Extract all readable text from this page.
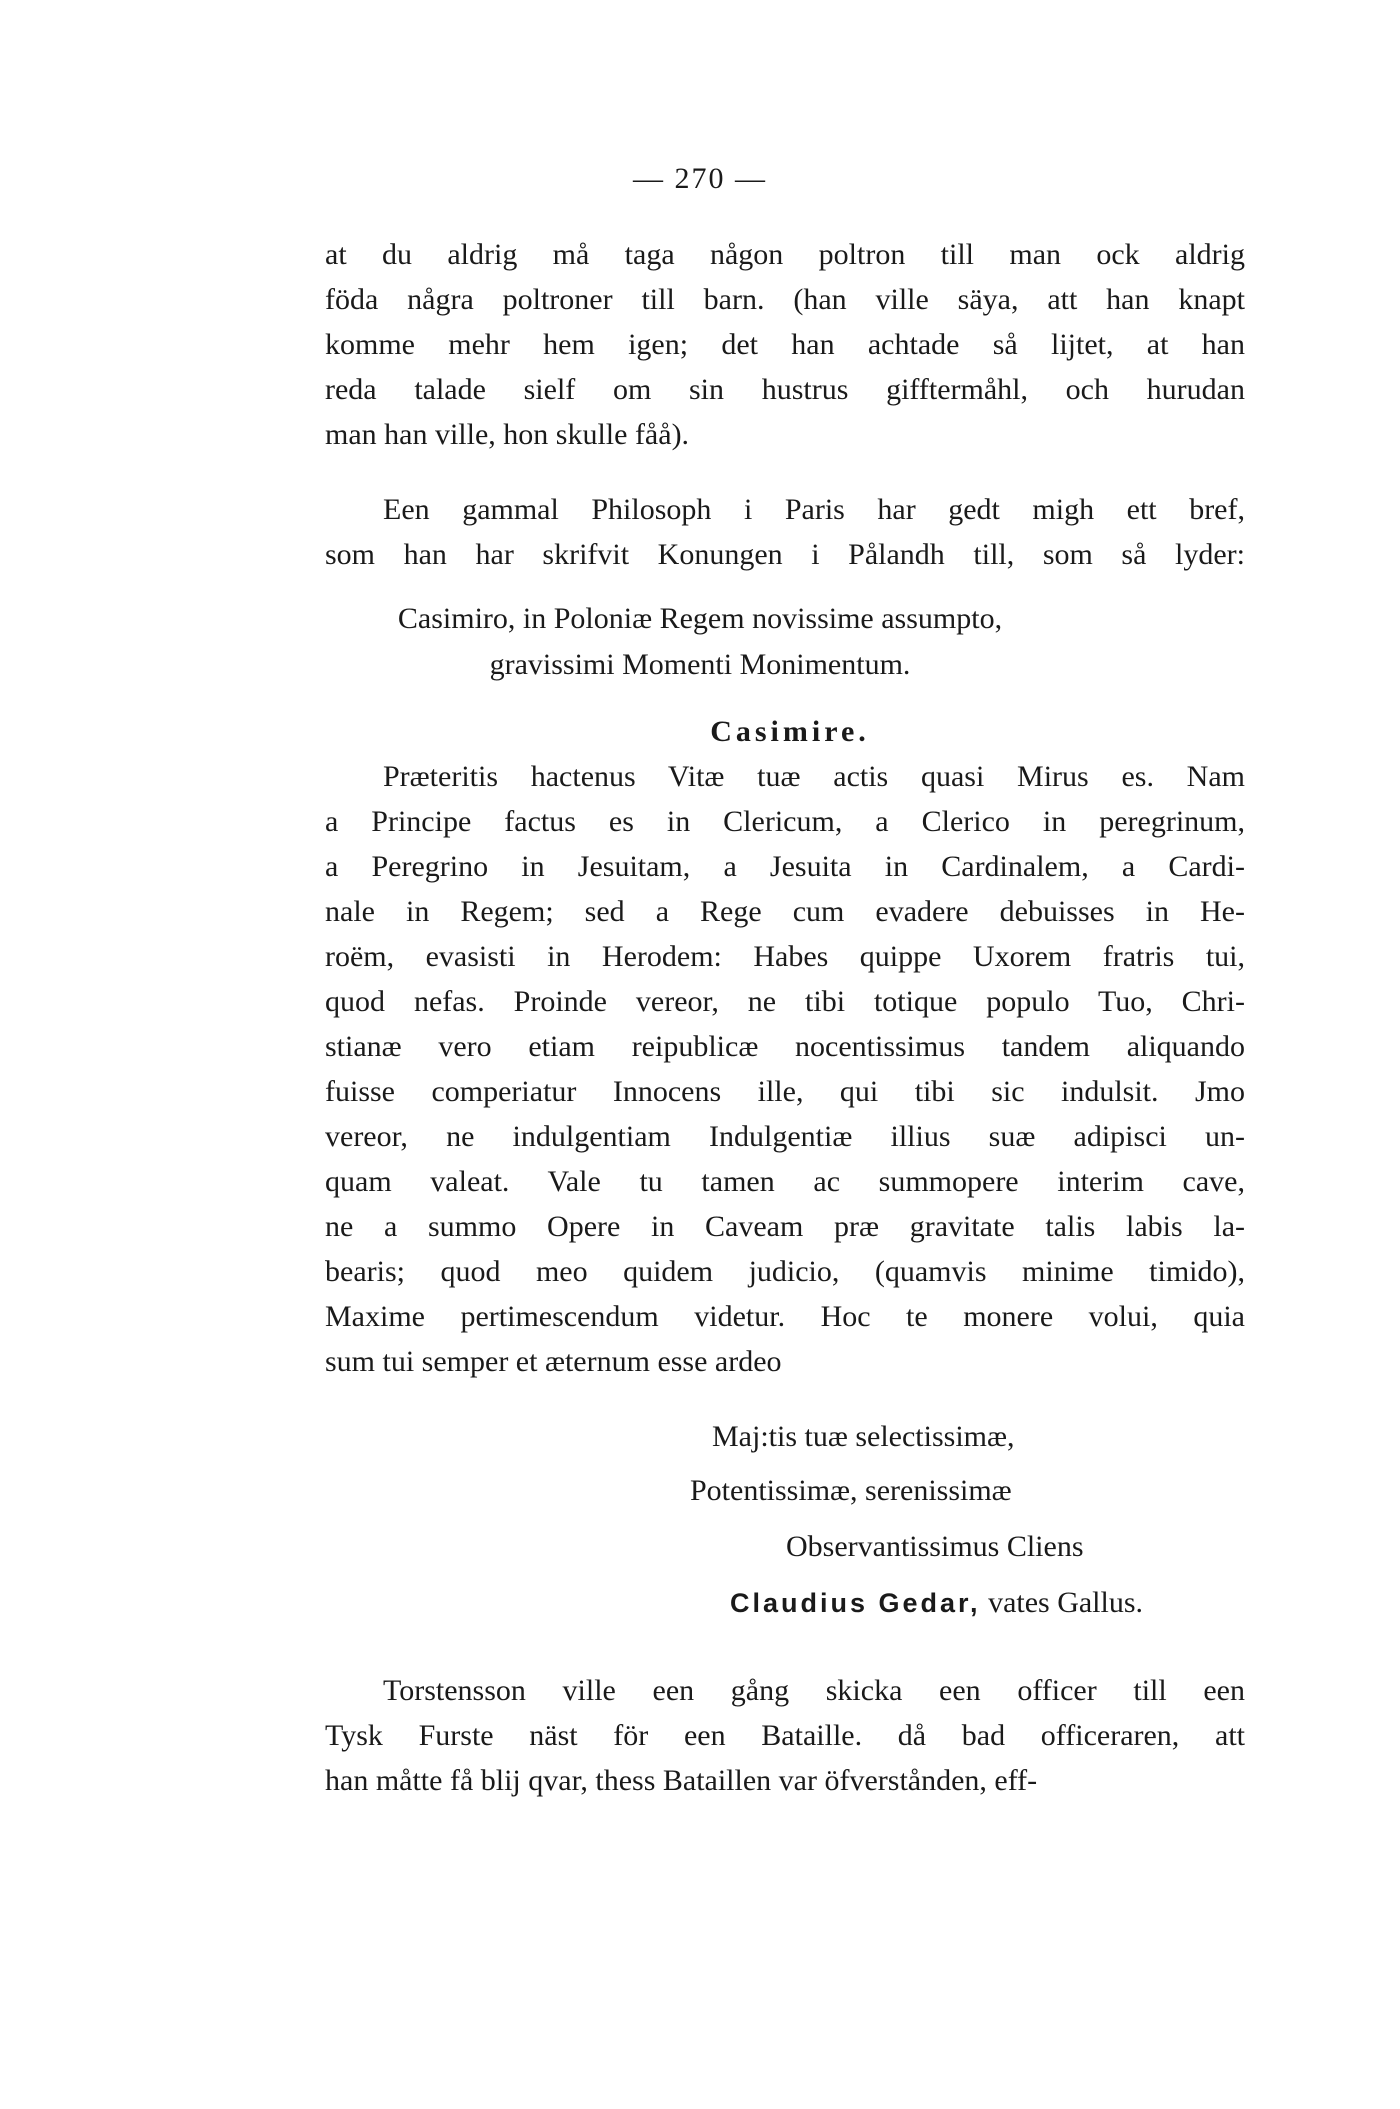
— 270 —

at du aldrig må taga någon poltron till man ock aldrig

föda några poltroner till barn. (han ville säya, att han knapt

komme mehr hem igen; det han achtade så lijtet, at han

reda talade sielf om sin hustrus gifftermåhl, och hurudan

man han ville, hon skulle fåå).

Een gammal Philosoph i Paris har gedt migh ett bref,

som han har skrifvit Konungen i Pålandh till, som så lyder:

Casimiro, in Poloniæ Regem novissime assumpto,
gravissimi Momenti Monimentum.
Casimire.

Præteritis hactenus Vitæ tuæ actis quasi Mirus es. Nam

a Principe factus es in Clericum, a Clerico in peregrinum,

a Peregrino in Jesuitam, a Jesuita in Cardinalem, a Cardi-

nale in Regem; sed a Rege cum evadere debuisses in He-

roëm, evasisti in Herodem: Habes quippe Uxorem fratris tui,

quod nefas. Proinde vereor, ne tibi totique populo Tuo, Chri-

stianæ vero etiam reipublicæ nocentissimus tandem aliquando

fuisse comperiatur Innocens ille, qui tibi sic indulsit. Jmo

vereor, ne indulgentiam Indulgentiæ illius suæ adipisci un-

quam valeat. Vale tu tamen ac summopere interim cave,

ne a summo Opere in Caveam præ gravitate talis labis la-

bearis; quod meo quidem judicio, (quamvis minime timido),

Maxime pertimescendum videtur. Hoc te monere volui, quia

sum tui semper et æternum esse ardeo

Maj:tis tuæ selectissimæ,
Potentissimæ, serenissimæ
Observantissimus Cliens
Claudius Gedar, vates Gallus.

Torstensson ville een gång skicka een officer till een

Tysk Furste näst för een Bataille. då bad officeraren, att

han måtte få blij qvar, thess Bataillen var öfverstånden, eff-
